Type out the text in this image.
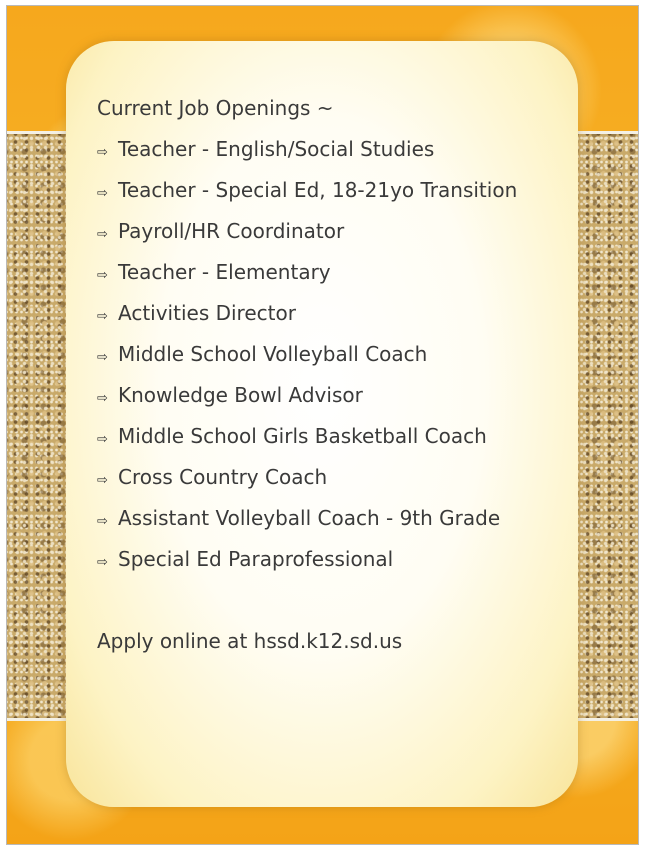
Current Job Openings ~
⇨ Teacher - English/Social Studies
⇨ Teacher - Special Ed, 18-21yo Transition
⇨ Payroll/HR Coordinator
⇨ Teacher - Elementary
⇨ Activities Director
⇨ Middle School Volleyball Coach
⇨ Knowledge Bowl Advisor
⇨ Middle School Girls Basketball Coach
⇨ Cross Country Coach
⇨ Assistant Volleyball Coach - 9th Grade
⇨ Special Ed Paraprofessional
Apply online at hssd.k12.sd.us
